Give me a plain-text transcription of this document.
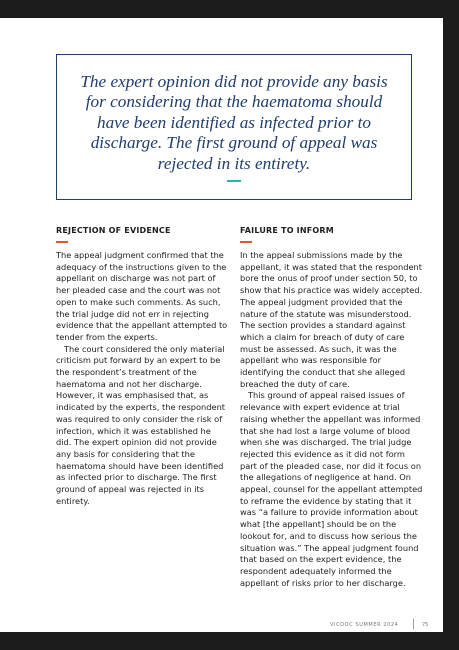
The expert opinion did not provide any basis for considering that the haematoma should have been identified as infected prior to discharge. The first ground of appeal was rejected in its entirety.

REJECTION OF EVIDENCE

The appeal judgment confirmed that the adequacy of the instructions given to the appellant on discharge was not part of her pleaded case and the court was not open to make such comments. As such, the trial judge did not err in rejecting evidence that the appellant attempted to tender from the experts.

The court considered the only material criticism put forward by an expert to be the respondent’s treatment of the haematoma and not her discharge. However, it was emphasised that, as indicated by the experts, the respondent was required to only consider the risk of infection, which it was established he did. The expert opinion did not provide any basis for considering that the haematoma should have been identified as infected prior to discharge. The first ground of appeal was rejected in its entirety.

FAILURE TO INFORM

In the appeal submissions made by the appellant, it was stated that the respondent bore the onus of proof under section 50, to show that his practice was widely accepted. The appeal judgment provided that the nature of the statute was misunderstood. The section provides a standard against which a claim for breach of duty of care must be assessed. As such, it was the appellant who was responsible for identifying the conduct that she alleged breached the duty of care.

This ground of appeal raised issues of relevance with expert evidence at trial raising whether the appellant was informed that she had lost a large volume of blood when she was discharged. The trial judge rejected this evidence as it did not form part of the pleaded case, nor did it focus on the allegations of negligence at hand. On appeal, counsel for the appellant attempted to reframe the evidence by stating that it was “a failure to provide information about what [the appellant] should be on the lookout for, and to discuss how serious the situation was.” The appeal judgment found that based on the expert evidence, the respondent adequately informed the appellant of risks prior to her discharge.

VICDOC SUMMER 2024	75
